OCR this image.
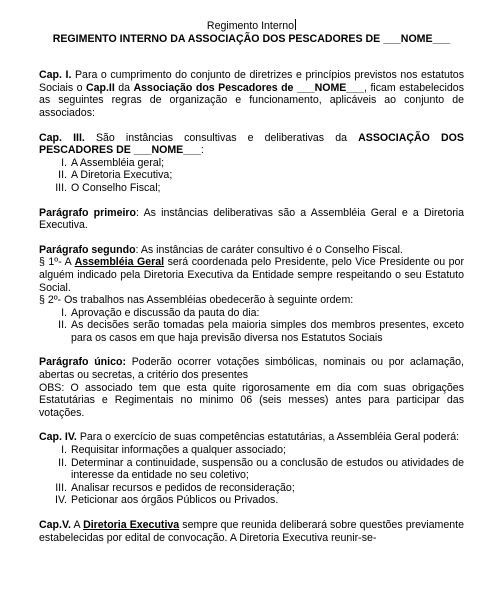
Regimento Interno
REGIMENTO INTERNO DA ASSOCIAÇÃO DOS PESCADORES DE ___NOME___

Cap. I. Para o cumprimento do conjunto de diretrizes e princípios previstos nos estatutos Sociais o Cap.II da Associação dos Pescadores de ___NOME___, ficam estabelecidos as seguintes regras de organização e funcionamento, aplicáveis ao conjunto de associados:

Cap. III. São instâncias consultivas e deliberativas da ASSOCIAÇÃO DOS PESCADORES DE ___NOME___:

I. A Assembléia geral;
II. A Diretoria Executiva;
III. O Conselho Fiscal;

Parágrafo primeiro: As instâncias deliberativas são a Assembléia Geral e a Diretoria Executiva.

Parágrafo segundo: As instâncias de caráter consultivo é o Conselho Fiscal.

§ 1º- A Assembléia Geral será coordenada pelo Presidente, pelo Vice Presidente ou por alguém indicado pela Diretoria Executiva da Entidade sempre respeitando o seu Estatuto Social.

§ 2º- Os trabalhos nas Assembléias obedecerão à seguinte ordem:

I. Aprovação e discussão da pauta do dia:
II. As decisões serão tomadas pela maioria simples dos membros presentes, exceto para os casos em que haja previsão diversa nos Estatutos Sociais

Parágrafo único: Poderão ocorrer votações simbólicas, nominais ou por aclamação, abertas ou secretas, a critério dos presentes

OBS: O associado tem que esta quite rigorosamente em dia com suas obrigações Estatutárias e Regimentais no minimo 06 (seis messes) antes para participar das votações.

Cap. IV. Para o exercício de suas competências estatutárias, a Assembléia Geral poderá:

I. Requisitar informações a qualquer associado;
II. Determinar a continuidade, suspensão ou a conclusão de estudos ou atividades de interesse da entidade no seu coletivo;
III. Analisar recursos e pedidos de reconsideração;
IV. Peticionar aos órgãos Públicos ou Privados.

Cap.V. A Diretoria Executiva sempre que reunida deliberará sobre questões previamente estabelecidas por edital de convocação. A Diretoria Executiva reunir-se-
